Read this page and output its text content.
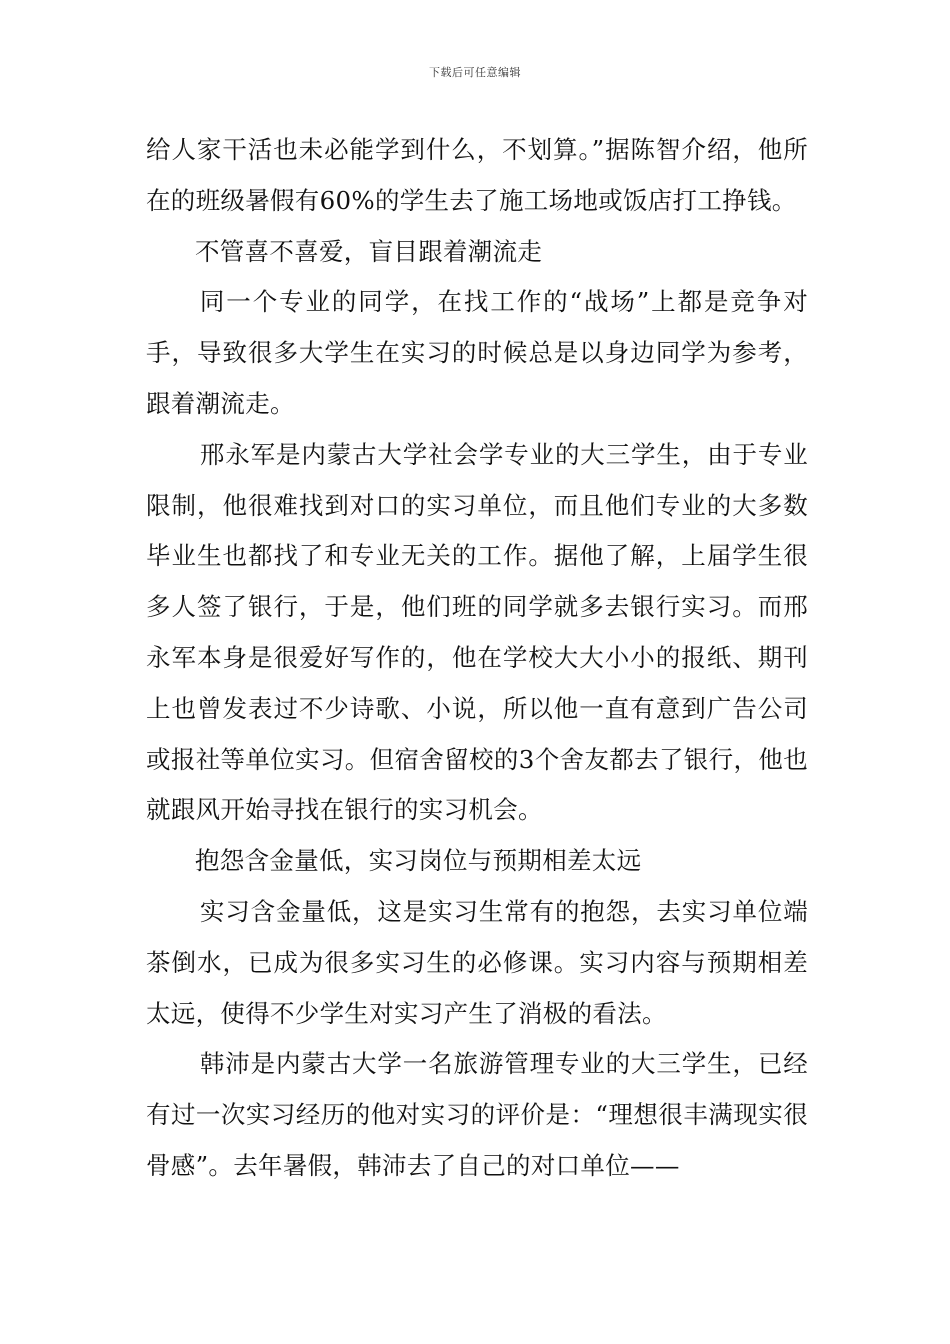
下载后可任意编辑

给人家干活也未必能学到什么，不划算。”据陈智介绍，他所在的班级暑假有60%的学生去了施工场地或饭店打工挣钱。

不管喜不喜爱，盲目跟着潮流走

同一个专业的同学，在找工作的“战场”上都是竞争对手，导致很多大学生在实习的时候总是以身边同学为参考，跟着潮流走。

邢永军是内蒙古大学社会学专业的大三学生，由于专业限制，他很难找到对口的实习单位，而且他们专业的大多数毕业生也都找了和专业无关的工作。据他了解，上届学生很多人签了银行，于是，他们班的同学就多去银行实习。而邢永军本身是很爱好写作的，他在学校大大小小的报纸、期刊上也曾发表过不少诗歌、小说，所以他一直有意到广告公司或报社等单位实习。但宿舍留校的3个舍友都去了银行，他也就跟风开始寻找在银行的实习机会。

抱怨含金量低，实习岗位与预期相差太远

实习含金量低，这是实习生常有的抱怨，去实习单位端茶倒水，已成为很多实习生的必修课。实习内容与预期相差太远，使得不少学生对实习产生了消极的看法。

韩沛是内蒙古大学一名旅游管理专业的大三学生，已经有过一次实习经历的他对实习的评价是：“理想很丰满现实很骨感”。去年暑假，韩沛去了自己的对口单位——
